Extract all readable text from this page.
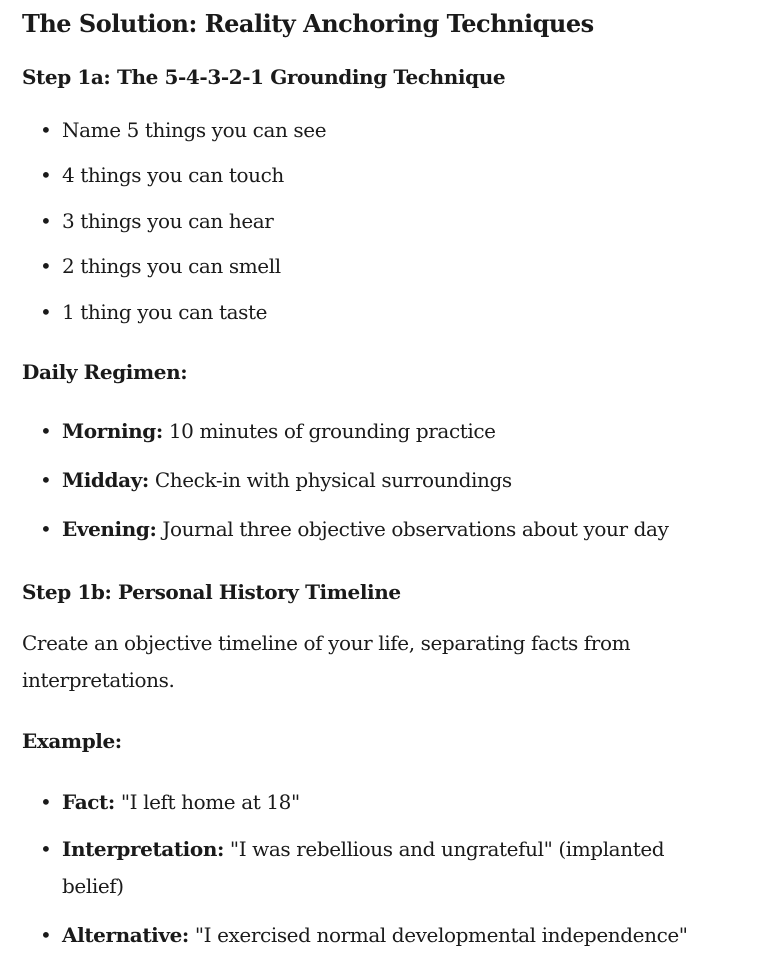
The Solution: Reality Anchoring Techniques
Step 1a: The 5-4-3-2-1 Grounding Technique
• Name 5 things you can see
• 4 things you can touch
• 3 things you can hear
• 2 things you can smell
• 1 thing you can taste
Daily Regimen:
• Morning: 10 minutes of grounding practice
• Midday: Check-in with physical surroundings
• Evening: Journal three objective observations about your day
Step 1b: Personal History Timeline

Create an objective timeline of your life, separating facts from
interpretations.

Example:
• Fact: "I left home at 18"
• Interpretation: "I was rebellious and ungrateful" (implanted
belief)
• Alternative: "I exercised normal developmental independence"
